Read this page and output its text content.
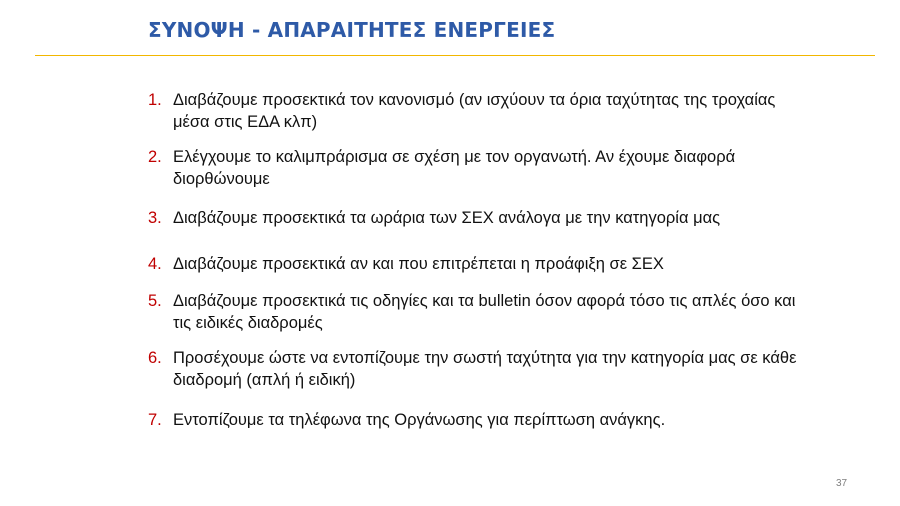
ΣΥΝΟΨΗ - ΑΠΑΡΑΙΤΗΤΕΣ ΕΝΕΡΓΕΙΕΣ
1. Διαβάζουμε προσεκτικά τον κανονισμό (αν ισχύουν τα όρια ταχύτητας της τροχαίας μέσα στις ΕΔΑ κλπ)
2. Ελέγχουμε το καλιμπράρισμα σε σχέση με τον οργανωτή. Αν έχουμε διαφορά διορθώνουμε
3. Διαβάζουμε προσεκτικά τα ωράρια των ΣΕΧ ανάλογα με την κατηγορία μας
4. Διαβάζουμε προσεκτικά αν και που επιτρέπεται η προάφιξη σε ΣΕΧ
5. Διαβάζουμε προσεκτικά τις οδηγίες και τα bulletin όσον αφορά τόσο τις απλές όσο και τις ειδικές διαδρομές
6. Προσέχουμε ώστε να εντοπίζουμε την σωστή ταχύτητα για την κατηγορία μας σε κάθε διαδρομή (απλή ή ειδική)
7. Εντοπίζουμε τα τηλέφωνα της Οργάνωσης για περίπτωση ανάγκης.
37
